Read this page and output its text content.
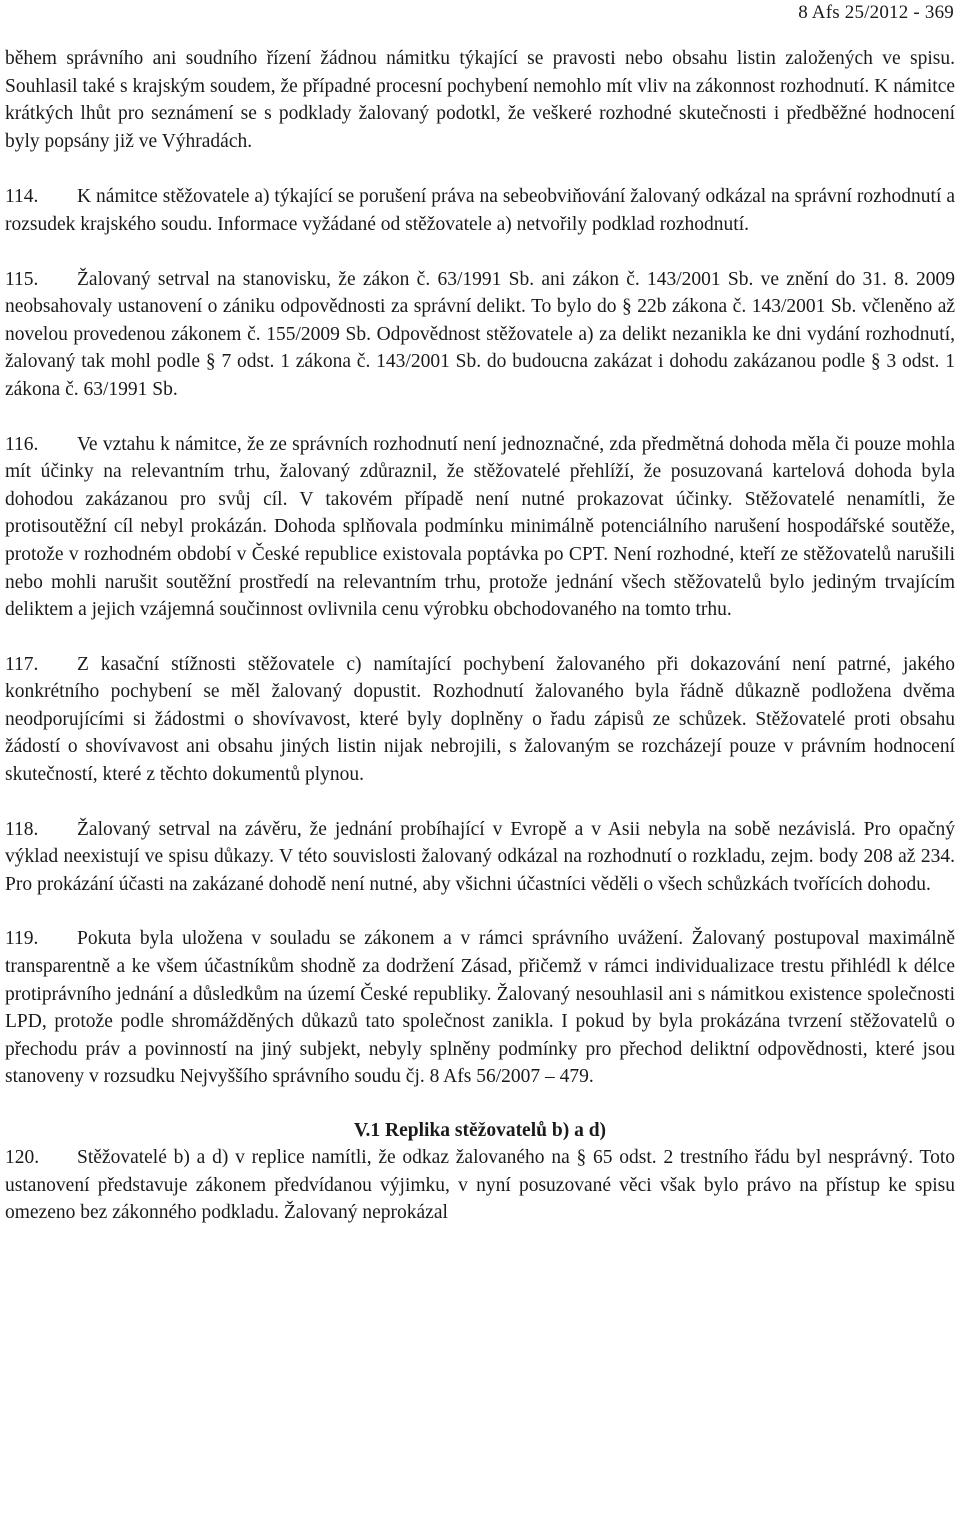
8 Afs 25/2012 - 369

během správního ani soudního řízení žádnou námitku týkající se pravosti nebo obsahu listin založených ve spisu. Souhlasil také s krajským soudem, že případné procesní pochybení nemohlo mít vliv na zákonnost rozhodnutí. K námitce krátkých lhůt pro seznámení se s podklady žalovaný podotkl, že veškeré rozhodné skutečnosti i předběžné hodnocení byly popsány již ve Výhradách.

114. K námitce stěžovatele a) týkající se porušení práva na sebeobviňování žalovaný odkázal na správní rozhodnutí a rozsudek krajského soudu. Informace vyžádané od stěžovatele a) netvořily podklad rozhodnutí.

115. Žalovaný setrval na stanovisku, že zákon č. 63/1991 Sb. ani zákon č. 143/2001 Sb. ve znění do 31. 8. 2009 neobsahovaly ustanovení o zániku odpovědnosti za správní delikt. To bylo do § 22b zákona č. 143/2001 Sb. včleněno až novelou provedenou zákonem č. 155/2009 Sb. Odpovědnost stěžovatele a) za delikt nezanikla ke dni vydání rozhodnutí, žalovaný tak mohl podle § 7 odst. 1 zákona č. 143/2001 Sb. do budoucna zakázat i dohodu zakázanou podle § 3 odst. 1 zákona č. 63/1991 Sb.

116. Ve vztahu k námitce, že ze správních rozhodnutí není jednoznačné, zda předmětná dohoda měla či pouze mohla mít účinky na relevantním trhu, žalovaný zdůraznil, že stěžovatelé přehlíží, že posuzovaná kartelová dohoda byla dohodou zakázanou pro svůj cíl. V takovém případě není nutné prokazovat účinky. Stěžovatelé nenamítli, že protisoutěžní cíl nebyl prokázán. Dohoda splňovala podmínku minimálně potenciálního narušení hospodářské soutěže, protože v rozhodném období v České republice existovala poptávka po CPT. Není rozhodné, kteří ze stěžovatelů narušili nebo mohli narušit soutěžní prostředí na relevantním trhu, protože jednání všech stěžovatelů bylo jediným trvajícím deliktem a jejich vzájemná součinnost ovlivnila cenu výrobku obchodovaného na tomto trhu.

117. Z kasační stížnosti stěžovatele c) namítající pochybení žalovaného při dokazování není patrné, jakého konkrétního pochybení se měl žalovaný dopustit. Rozhodnutí žalovaného byla řádně důkazně podložena dvěma neodporujícími si žádostmi o shovívavost, které byly doplněny o řadu zápisů ze schůzek. Stěžovatelé proti obsahu žádostí o shovívavost ani obsahu jiných listin nijak nebrojili, s žalovaným se rozcházejí pouze v právním hodnocení skutečností, které z těchto dokumentů plynou.

118. Žalovaný setrval na závěru, že jednání probíhající v Evropě a v Asii nebyla na sobě nezávislá. Pro opačný výklad neexistují ve spisu důkazy. V této souvislosti žalovaný odkázal na rozhodnutí o rozkladu, zejm. body 208 až 234. Pro prokázání účasti na zakázané dohodě není nutné, aby všichni účastníci věděli o všech schůzkách tvořících dohodu.

119. Pokuta byla uložena v souladu se zákonem a v rámci správního uvážení. Žalovaný postupoval maximálně transparentně a ke všem účastníkům shodně za dodržení Zásad, přičemž v rámci individualizace trestu přihlédl k délce protiprávního jednání a důsledkům na území České republiky. Žalovaný nesouhlasil ani s námitkou existence společnosti LPD, protože podle shromážděných důkazů tato společnost zanikla. I pokud by byla prokázána tvrzení stěžovatelů o přechodu práv a povinností na jiný subjekt, nebyly splněny podmínky pro přechod deliktní odpovědnosti, které jsou stanoveny v rozsudku Nejvyššího správního soudu čj. 8 Afs 56/2007 – 479.

V.1 Replika stěžovatelů b) a d)

120. Stěžovatelé b) a d) v replice namítli, že odkaz žalovaného na § 65 odst. 2 trestního řádu byl nesprávný. Toto ustanovení představuje zákonem předvídanou výjimku, v nyní posuzované věci však bylo právo na přístup ke spisu omezeno bez zákonného podkladu. Žalovaný neprokázal
